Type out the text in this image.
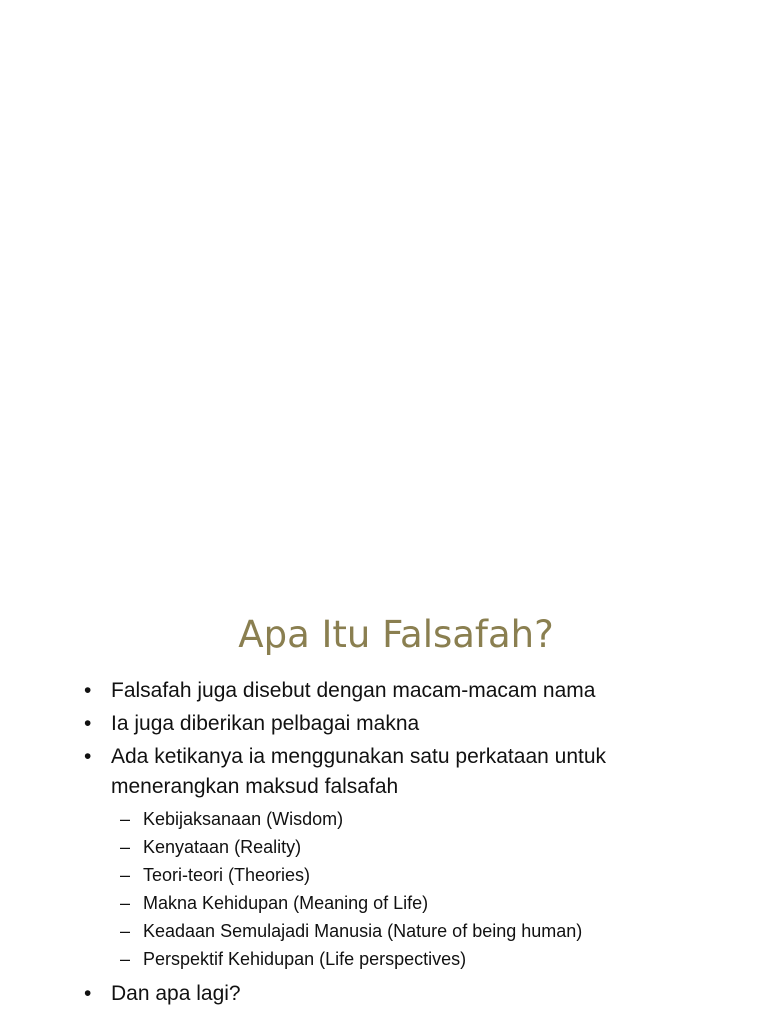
Apa Itu Falsafah?
• Falsafah juga disebut dengan macam-macam nama
• Ia juga diberikan pelbagai makna
• Ada ketikanya ia menggunakan satu perkataan untuk menerangkan maksud falsafah
– Kebijaksanaan (Wisdom)
– Kenyataan (Reality)
– Teori-teori (Theories)
– Makna Kehidupan (Meaning of Life)
– Keadaan Semulajadi Manusia (Nature of being human)
– Perspektif Kehidupan (Life perspectives)
• Dan apa lagi?
